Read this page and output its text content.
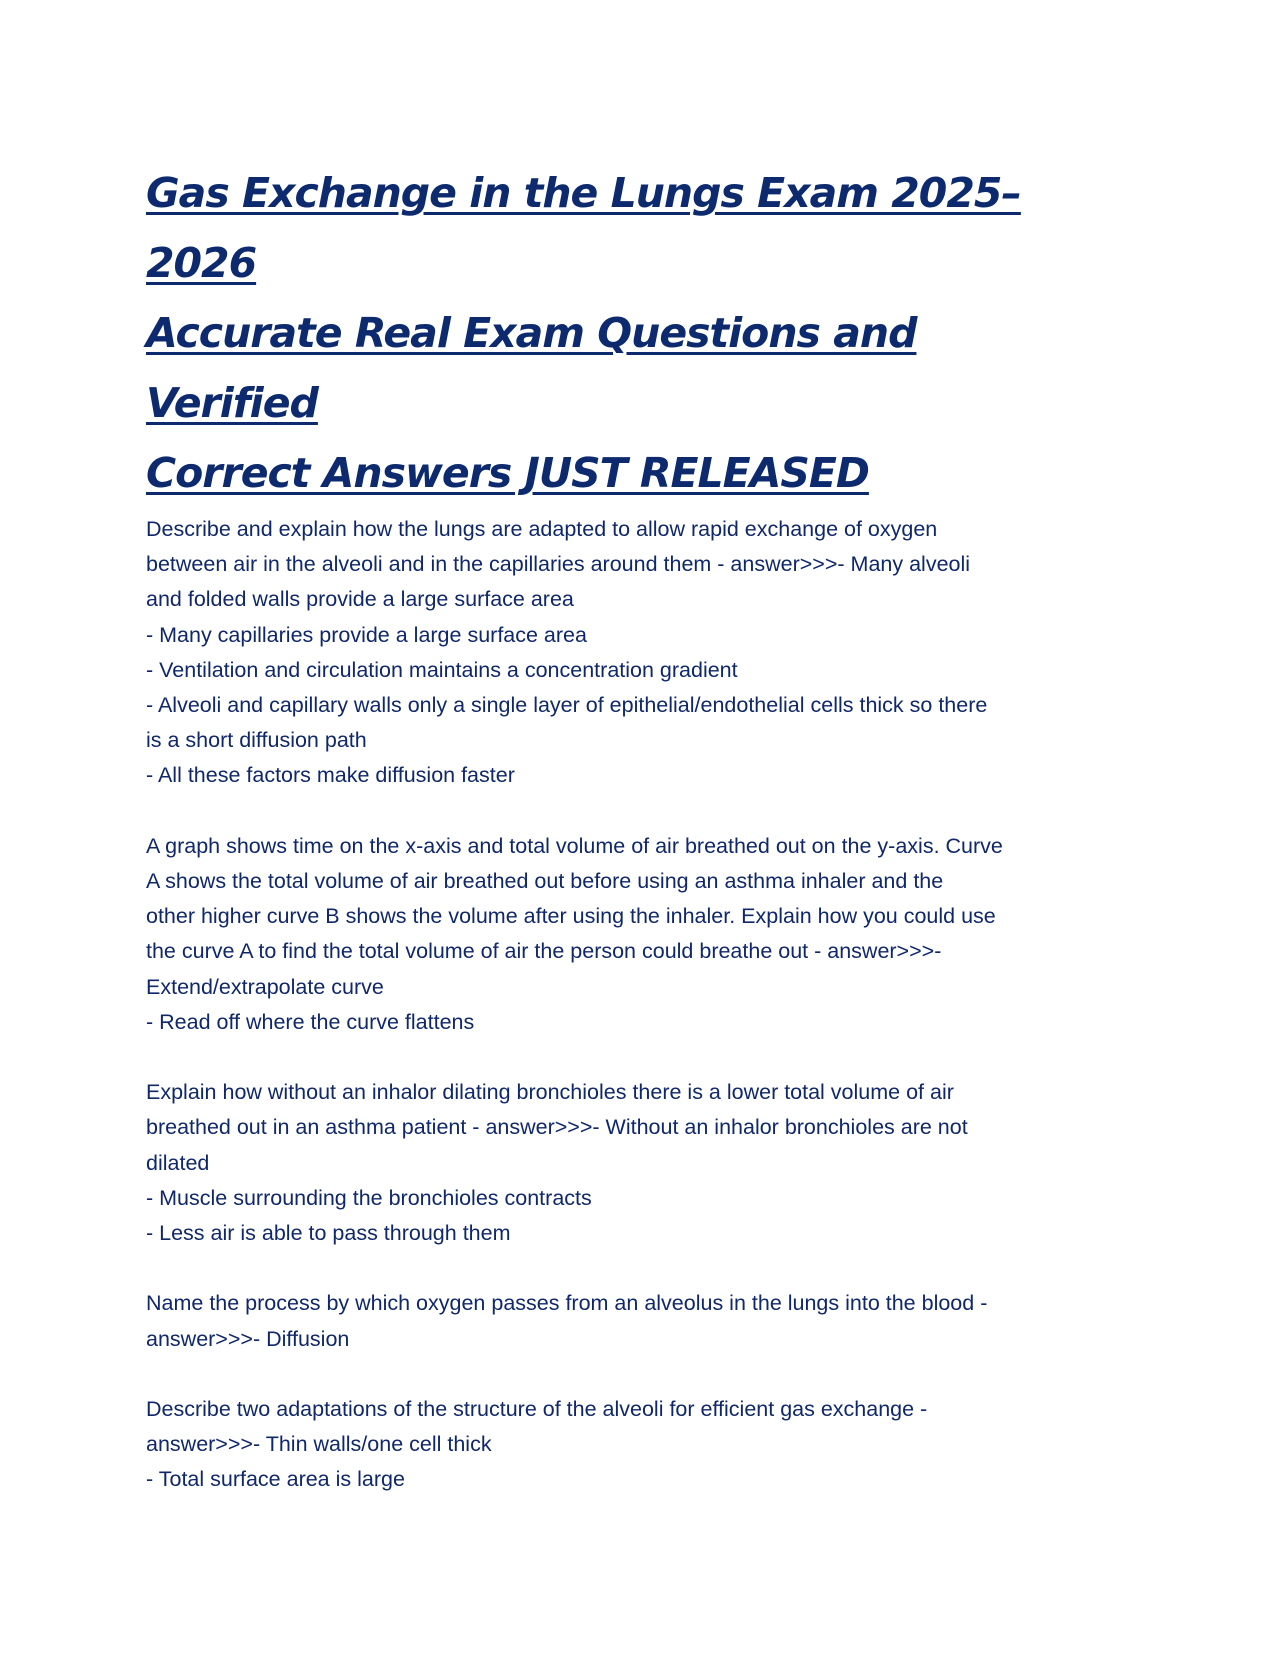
Gas Exchange in the Lungs Exam 2025–2026
Accurate Real Exam Questions and Verified
Correct Answers JUST RELEASED
Describe and explain how the lungs are adapted to allow rapid exchange of oxygen
between air in the alveoli and in the capillaries around them - answer>>>- Many alveoli
and folded walls provide a large surface area
- Many capillaries provide a large surface area
- Ventilation and circulation maintains a concentration gradient
- Alveoli and capillary walls only a single layer of epithelial/endothelial cells thick so there
is a short diffusion path
- All these factors make diffusion faster
A graph shows time on the x-axis and total volume of air breathed out on the y-axis. Curve
A shows the total volume of air breathed out before using an asthma inhaler and the
other higher curve B shows the volume after using the inhaler. Explain how you could use
the curve A to find the total volume of air the person could breathe out - answer>>>-
Extend/extrapolate curve
- Read off where the curve flattens
Explain how without an inhalor dilating bronchioles there is a lower total volume of air
breathed out in an asthma patient - answer>>>- Without an inhalor bronchioles are not
dilated
- Muscle surrounding the bronchioles contracts
- Less air is able to pass through them
Name the process by which oxygen passes from an alveolus in the lungs into the blood -
answer>>>- Diffusion
Describe two adaptations of the structure of the alveoli for efficient gas exchange -
answer>>>- Thin walls/one cell thick
- Total surface area is large
